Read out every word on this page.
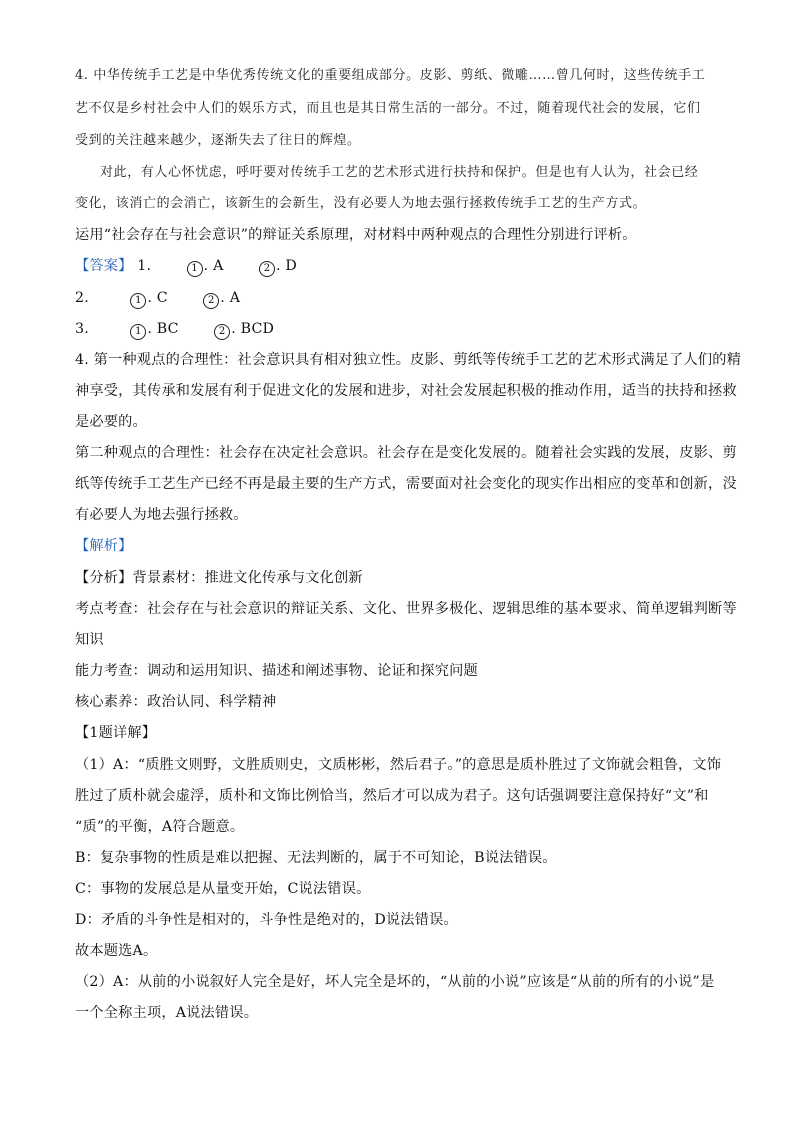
4. 中华传统手工艺是中华优秀传统文化的重要组成部分。皮影、剪纸、微雕……曾几何时，这些传统手工
艺不仅是乡村社会中人们的娱乐方式，而且也是其日常生活的一部分。不过，随着现代社会的发展，它们
受到的关注越来越少，逐渐失去了往日的辉煌。
对此，有人心怀忧虑，呼吁要对传统手工艺的艺术形式进行扶持和保护。但是也有人认为，社会已经
变化，该消亡的会消亡，该新生的会新生，没有必要人为地去强行拯救传统手工艺的生产方式。
运用“社会存在与社会意识”的辩证关系原理，对材料中两种观点的合理性分别进行评析。
【答案】 1.	1 . A	2 . D
2.	1 . C	2 . A
3.	1 . BC	2 . BCD
4. 第一种观点的合理性：社会意识具有相对独立性。皮影、剪纸等传统手工艺的艺术形式满足了人们的精
神享受，其传承和发展有利于促进文化的发展和进步，对社会发展起积极的推动作用，适当的扶持和拯救
是必要的。
第二种观点的合理性：社会存在决定社会意识。社会存在是变化发展的。随着社会实践的发展，皮影、剪
纸等传统手工艺生产已经不再是最主要的生产方式，需要面对社会变化的现实作出相应的变革和创新，没
有必要人为地去强行拯救。
【解析】
【分析】背景素材：推进文化传承与文化创新
考点考查：社会存在与社会意识的辩证关系、文化、世界多极化、逻辑思维的基本要求、简单逻辑判断等
知识
能力考查：调动和运用知识、描述和阐述事物、论证和探究问题
核心素养：政治认同、科学精神
【1题详解】
（1）A：“质胜文则野，文胜质则史，文质彬彬，然后君子。”的意思是质朴胜过了文饰就会粗鲁，文饰
胜过了质朴就会虚浮，质朴和文饰比例恰当，然后才可以成为君子。这句话强调要注意保持好“文”和
“质”的平衡，A符合题意。
B：复杂事物的性质是难以把握、无法判断的，属于不可知论，B说法错误。
C：事物的发展总是从量变开始，C说法错误。
D：矛盾的斗争性是相对的，斗争性是绝对的，D说法错误。
故本题选A。
（2）A：从前的小说叙好人完全是好，坏人完全是坏的，“从前的小说”应该是“从前的所有的小说”是
一个全称主项，A说法错误。
